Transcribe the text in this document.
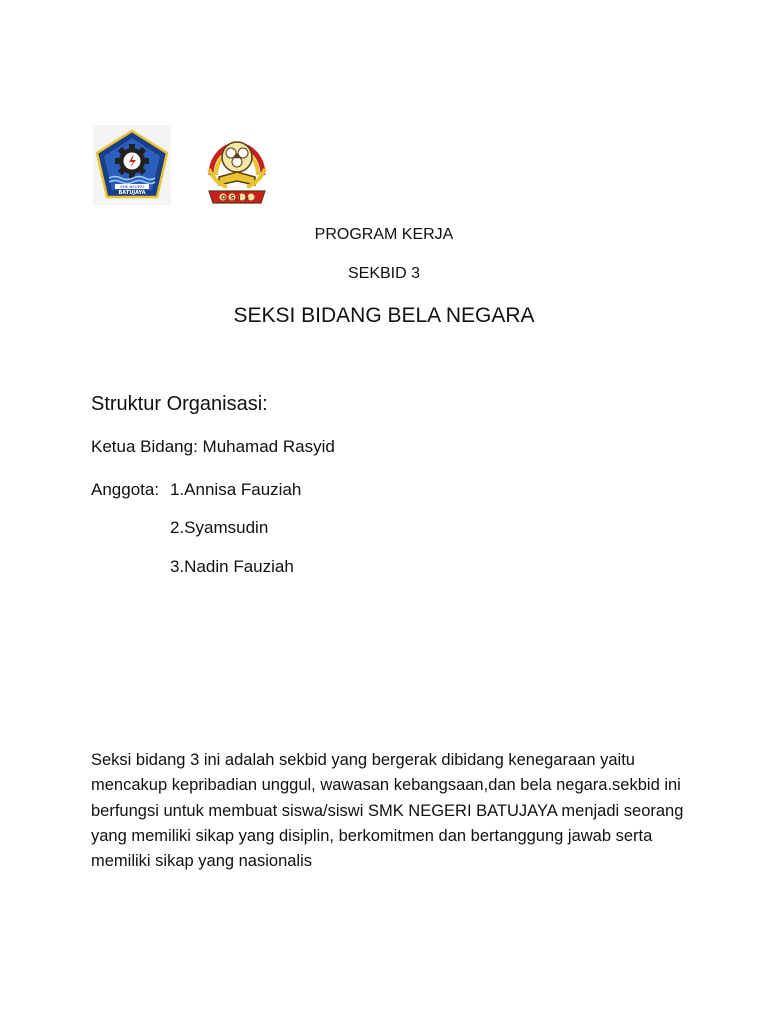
SMK NEGERI
BATUJAYA
OSIS
PROGRAM KERJA
SEKBID 3
SEKSI BIDANG BELA NEGARA
Struktur Organisasi:
Ketua Bidang: Muhamad Rasyid
Anggota: 1.Annisa Fauziah
2.Syamsudin
3.Nadin Fauziah
Seksi bidang 3 ini adalah sekbid yang bergerak dibidang kenegaraan yaitu mencakup kepribadian unggul, wawasan kebangsaan,dan bela negara.sekbid ini berfungsi untuk membuat siswa/siswi SMK NEGERI BATUJAYA menjadi seorang yang memiliki sikap yang disiplin, berkomitmen dan bertanggung jawab serta memiliki sikap yang nasionalis
